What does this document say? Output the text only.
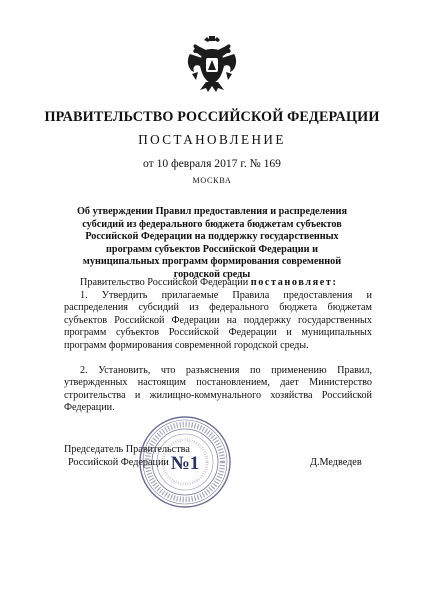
ПРАВИТЕЛЬСТВО РОССИЙСКОЙ ФЕДЕРАЦИИ
ПОСТАНОВЛЕНИЕ
от 10 февраля 2017 г. № 169
МОСКВА
Об утверждении Правил предоставления и распределения субсидий из федерального бюджета бюджетам субъектов Российской Федерации на поддержку государственных программ субъектов Российской Федерации и муниципальных программ формирования современной городской среды
Правительство Российской Федерации постановляет:
1. Утвердить прилагаемые Правила предоставления и распределения субсидий из федерального бюджета бюджетам субъектов Российской Федерации на поддержку государственных программ субъектов Российской Федерации и муниципальных программ формирования современной городской среды.
2. Установить, что разъяснения по применению Правил, утвержденных настоящим постановлением, дает Министерство строительства и жилищно-коммунального хозяйства Российской Федерации.
Председатель Правительства
Российской Федерации	Д.Медведев
№1
